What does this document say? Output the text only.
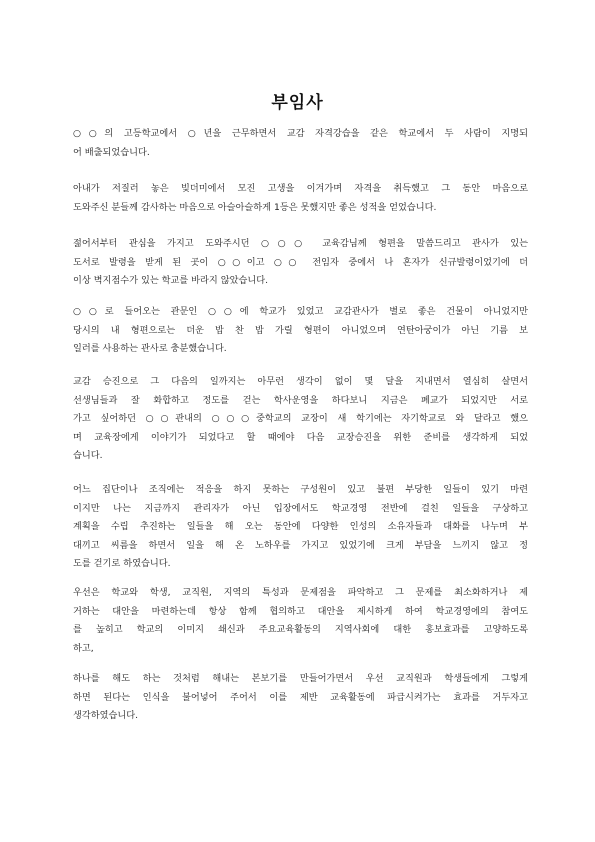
부임사
○○의 고등학교에서 ○년을 근무하면서 교감 자격강습을 같은 학교에서 두 사람이 지명되
어 배출되었습니다.
아내가 저질러 놓은 빚더미에서 모진 고생을 이겨가며 자격을 취득했고 그 동안 마음으로
도와주신 분들께 감사하는 마음으로 아슬아슬하게 1등은 못했지만 좋은 성적을 얻었습니다.
젊어서부터 관심을 가지고 도와주시던 ○○○ 교육감님께 형편을 말씀드리고 관사가 있는
도서로 발령을 받게 된 곳이 ○○이고 ○○ 전임자 중에서 나 혼자가 신규발령이었기에 더
이상 벽지점수가 있는 학교를 바라지 않았습니다.
○○로 들어오는 관문인 ○○에 학교가 있었고 교감관사가 별로 좋은 건물이 아니었지만
당시의 내 형편으로는 더운 밥 찬 밥 가릴 형편이 아니었으며 연탄아궁이가 아닌 기름 보
일러를 사용하는 관사로 충분했습니다.
교감 승진으로 그 다음의 일까지는 아무런 생각이 없이 몇 달을 지내면서 열심히 살면서
선생님들과 잘 화합하고 정도를 걷는 학사운영을 하다보니 지금은 폐교가 되었지만 서로
가고 싶어하던 ○○관내의 ○○○중학교의 교장이 새 학기에는 자기학교로 와 달라고 했으
며 교육장에게 이야기가 되었다고 할 때에야 다음 교장승진을 위한 준비를 생각하게 되었
습니다.
어느 집단이나 조직에는 적응을 하지 못하는 구성원이 있고 불편 부당한 일들이 있기 마련
이지만 나는 지금까지 관리자가 아닌 입장에서도 학교경영 전반에 걸친 일들을 구상하고
계획을 수립 추진하는 일들을 해 오는 동안에 다양한 인성의 소유자들과 대화를 나누며 부
대끼고 씨름을 하면서 일을 해 온 노하우를 가지고 있었기에 크게 부담을 느끼지 않고 정
도를 걷기로 하였습니다.
우선은 학교와 학생, 교직원, 지역의 특성과 문제점을 파악하고 그 문제를 최소화하거나 제
거하는 대안을 마련하는데 항상 함께 협의하고 대안을 제시하게 하여 학교경영에의 참여도
를 높히고 학교의 이미지 쇄신과 주요교육활동의 지역사회에 대한 홍보효과를 고양하도록
하고,
하나를 해도 하는 것처럼 해내는 본보기를 만들어가면서 우선 교직원과 학생들에게 그렇게
하면 된다는 인식을 불어넣어 주어서 이를 제반 교육활동에 파급시켜가는 효과를 거두자고
생각하였습니다.
